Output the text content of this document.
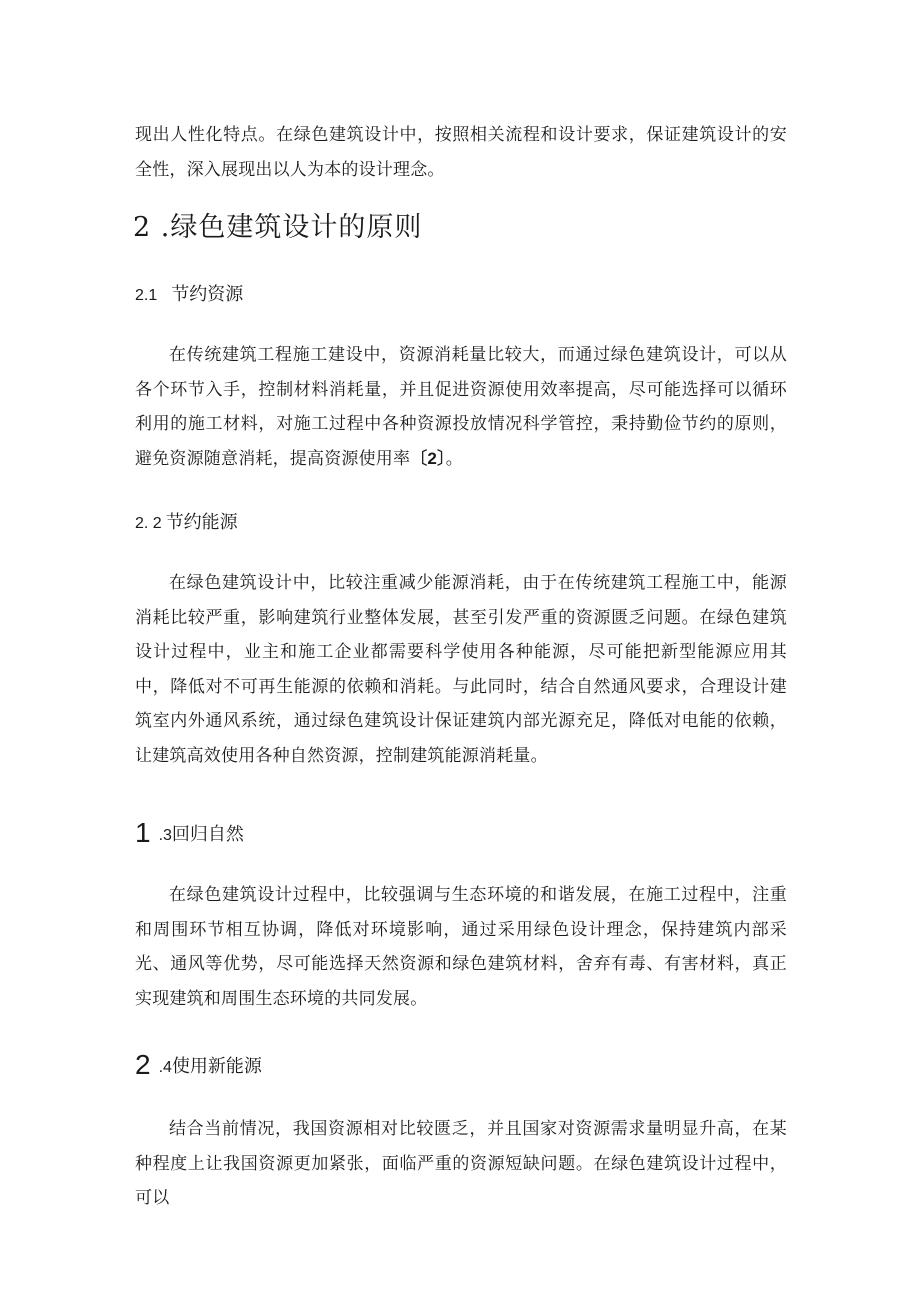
现出人性化特点。在绿色建筑设计中，按照相关流程和设计要求，保证建筑设计的安全性，深入展现出以人为本的设计理念。

2 .绿色建筑设计的原则
2.1 节约资源

在传统建筑工程施工建设中，资源消耗量比较大，而通过绿色建筑设计，可以从各个环节入手，控制材料消耗量，并且促进资源使用效率提高，尽可能选择可以循环利用的施工材料，对施工过程中各种资源投放情况科学管控，秉持勤俭节约的原则，避免资源随意消耗，提高资源使用率〔2〕。

2. 2 节约能源

在绿色建筑设计中，比较注重减少能源消耗，由于在传统建筑工程施工中，能源消耗比较严重，影响建筑行业整体发展，甚至引发严重的资源匮乏问题。在绿色建筑设计过程中，业主和施工企业都需要科学使用各种能源，尽可能把新型能源应用其中，降低对不可再生能源的依赖和消耗。与此同时，结合自然通风要求，合理设计建筑室内外通风系统，通过绿色建筑设计保证建筑内部光源充足，降低对电能的依赖，让建筑高效使用各种自然资源，控制建筑能源消耗量。

1 .3回归自然

在绿色建筑设计过程中，比较强调与生态环境的和谐发展，在施工过程中，注重和周围环节相互协调，降低对环境影响，通过采用绿色设计理念，保持建筑内部采光、通风等优势，尽可能选择天然资源和绿色建筑材料，舍弃有毒、有害材料，真正实现建筑和周围生态环境的共同发展。

2 .4使用新能源

结合当前情况，我国资源相对比较匮乏，并且国家对资源需求量明显升高，在某种程度上让我国资源更加紧张，面临严重的资源短缺问题。在绿色建筑设计过程中，可以
